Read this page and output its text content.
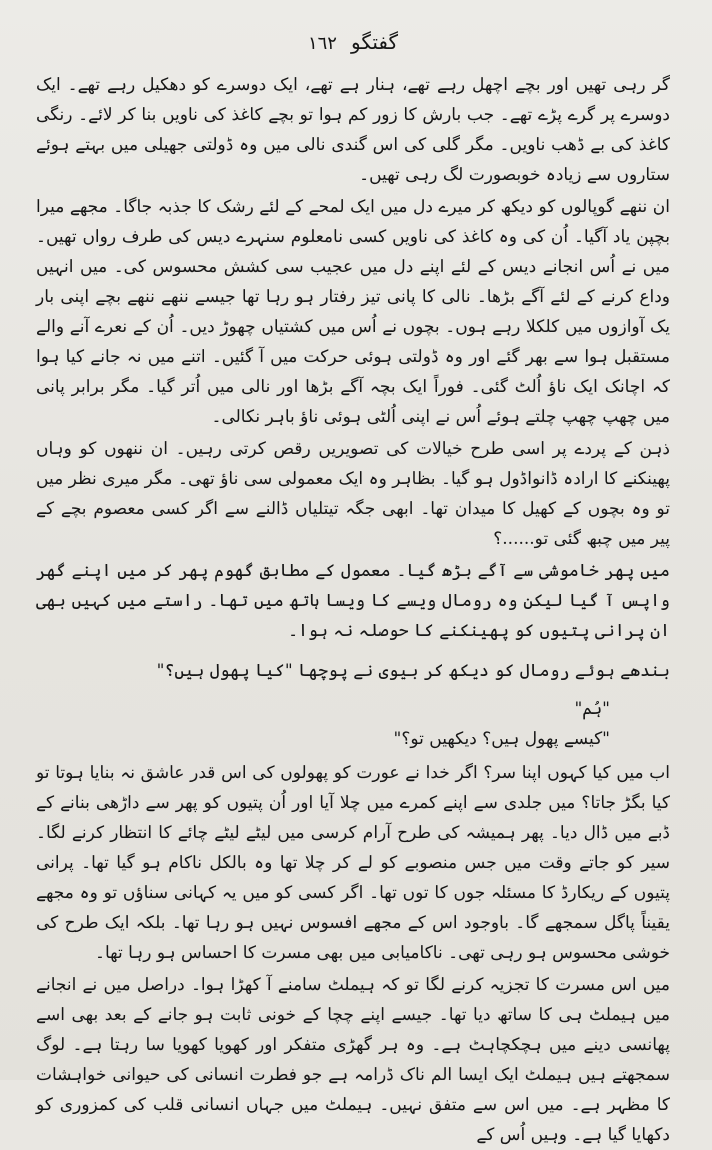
گفتگو
١٦٢

گر رہی تھیں اور بچے اچھل رہے تھے، ہنار ہے تھے، ایک دوسرے کو دھکیل رہے تھے۔ ایک دوسرے پر گرے پڑے تھے۔ جب بارش کا زور کم ہوا تو بچے کاغذ کی ناویں بنا کر لائے۔ رنگی کاغذ کی بے ڈھب ناویں۔ مگر گلی کی اس گندی نالی میں وہ ڈولتی جھیلی میں بہتے ہوئے ستاروں سے زیادہ خوبصورت لگ رہی تھیں۔

ان ننھے گوپالوں کو دیکھ کر میرے دل میں ایک لمحے کے لئے رشک کا جذبہ جاگا۔ مجھے میرا بچپن یاد آگیا۔ اُن کی وہ کاغذ کی ناویں کسی نامعلوم سنہرے دیس کی طرف رواں تھیں۔ میں نے اُس انجانے دیس کے لئے اپنے دل میں عجیب سی کشش محسوس کی۔ میں انہیں وداع کرنے کے لئے آگے بڑھا۔ نالی کا پانی تیز رفتار ہو رہا تھا جیسے ننھے ننھے بچے اپنی بار یک آوازوں میں کلکلا رہے ہوں۔ بچوں نے اُس میں کشتیاں چھوڑ دیں۔ اُن کے نعرے آنے والے مستقبل ہوا سے بھر گئے اور وہ ڈولتی ہوئی حرکت میں آ گئیں۔ اتنے میں نہ جانے کیا ہوا کہ اچانک ایک ناؤ اُلٹ گئی۔ فوراً ایک بچہ آگے بڑھا اور نالی میں اُتر گیا۔ مگر برابر پانی میں چھپ چھپ چلتے ہوئے اُس نے اپنی اُلٹی ہوئی ناؤ باہر نکالی۔

ذہن کے پردے پر اسی طرح خیالات کی تصویریں رقص کرتی رہیں۔ ان ننھوں کو وہاں پھینکنے کا ارادہ ڈانواڈول ہو گیا۔ بظاہر وہ ایک معمولی سی ناؤ تھی۔ مگر میری نظر میں تو وہ بچوں کے کھیل کا میدان تھا۔ ابھی جگہ تیتلیاں ڈالنے سے اگر کسی معصوم بچے کے پیر میں چبھ گئی تو......؟

میں پھر خاموشی سے آگے بڑھ گیا۔ معمول کے مطابق گھوم پھر کر میں اپنے گھر واپس آ گیا لیکن وہ رومال ویسے کا ویسا ہاتھ میں تھا۔ راستے میں کہیں بھی ان پرانی پتیوں کو پھینکنے کا حوصلہ نہ ہوا۔

بندھے ہوئے رومال کو دیکھ کر بیوی نے پوچھا "کیا پھول ہیں؟"

"ہُم"
"کیسے پھول ہیں؟ دیکھیں تو؟"

اب میں کیا کہوں اپنا سر؟ اگر خدا نے عورت کو پھولوں کی اس قدر عاشق نہ بنایا ہوتا تو کیا بگڑ جاتا؟ میں جلدی سے اپنے کمرے میں چلا آیا اور اُن پتیوں کو پھر سے داڑھی بنانے کے ڈبے میں ڈال دیا۔ پھر ہمیشہ کی طرح آرام کرسی میں لیٹے لیٹے چائے کا انتظار کرنے لگا۔ سیر کو جاتے وقت میں جس منصوبے کو لے کر چلا تھا وہ بالکل ناکام ہو گیا تھا۔ پرانی پتیوں کے ریکارڈ کا مسئلہ جوں کا توں تھا۔ اگر کسی کو میں یہ کہانی سناؤں تو وہ مجھے یقیناً پاگل سمجھے گا۔ باوجود اس کے مجھے افسوس نہیں ہو رہا تھا۔ بلکہ ایک طرح کی خوشی محسوس ہو رہی تھی۔ ناکامیابی میں بھی مسرت کا احساس ہو رہا تھا۔

میں اس مسرت کا تجزیہ کرنے لگا تو کہ ہیملٹ سامنے آ کھڑا ہوا۔ دراصل میں نے انجانے میں ہیملٹ ہی کا ساتھ دیا تھا۔ جیسے اپنے چچا کے خونی ثابت ہو جانے کے بعد بھی اسے پھانسی دینے میں ہچکچاہٹ ہے۔ وہ ہر گھڑی متفکر اور کھویا کھویا سا رہتا ہے۔ لوگ سمجھتے ہیں ہیملٹ ایک ایسا الم ناک ڈرامہ ہے جو فطرت انسانی کی حیوانی خواہشات کا مظہر ہے۔ میں اس سے متفق نہیں۔ ہیملٹ میں جہاں انسانی قلب کی کمزوری کو دکھایا گیا ہے۔ وہیں اُس کے
